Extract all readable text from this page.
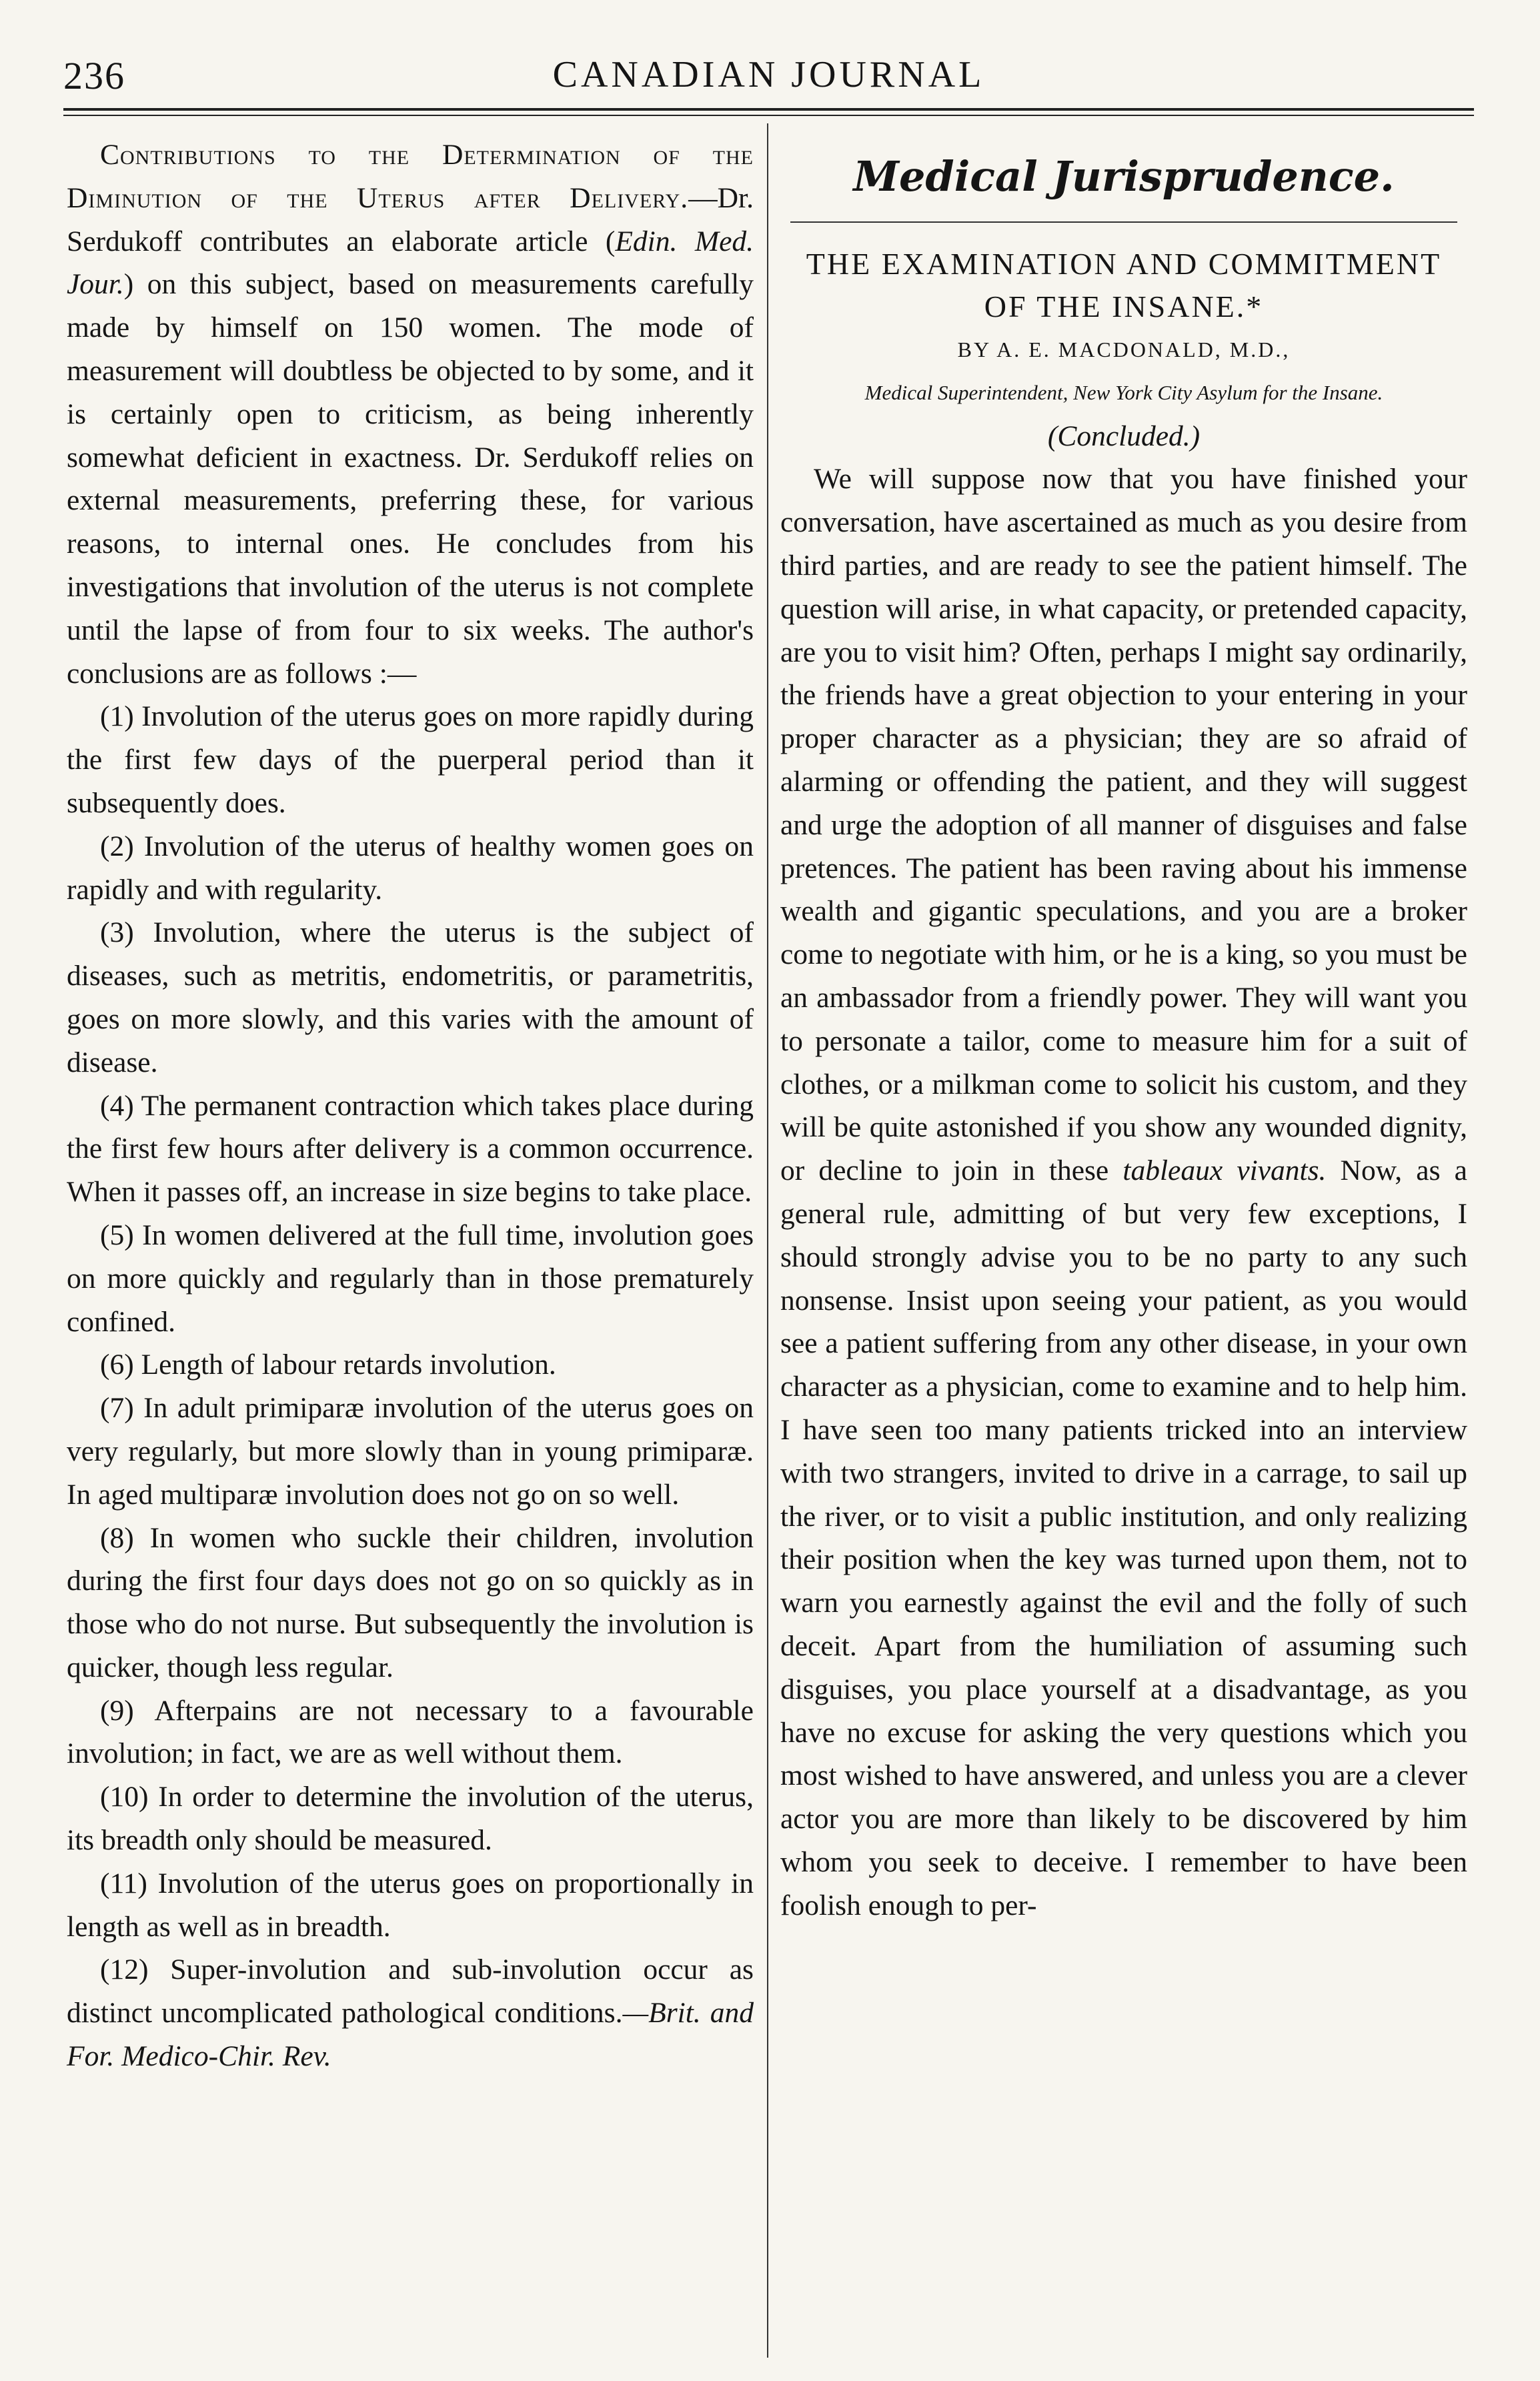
236	CANADIAN JOURNAL

Contributions to the Determination of the Diminution of the Uterus after Delivery.—Dr. Serdukoff contributes an elaborate article (Edin. Med. Jour.) on this subject, based on measurements carefully made by himself on 150 women. The mode of measurement will doubtless be objected to by some, and it is certainly open to criticism, as being inherently somewhat deficient in exactness. Dr. Serdukoff relies on external measurements, preferring these, for various reasons, to internal ones. He concludes from his investigations that involution of the uterus is not complete until the lapse of from four to six weeks. The author's conclusions are as follows :—

(1) Involution of the uterus goes on more rapidly during the first few days of the puerperal period than it subsequently does.

(2) Involution of the uterus of healthy women goes on rapidly and with regularity.

(3) Involution, where the uterus is the subject of diseases, such as metritis, endometritis, or parametritis, goes on more slowly, and this varies with the amount of disease.

(4) The permanent contraction which takes place during the first few hours after delivery is a common occurrence. When it passes off, an increase in size begins to take place.

(5) In women delivered at the full time, involution goes on more quickly and regularly than in those prematurely confined.

(6) Length of labour retards involution.

(7) In adult primiparæ involution of the uterus goes on very regularly, but more slowly than in young primiparæ. In aged multiparæ involution does not go on so well.

(8) In women who suckle their children, involution during the first four days does not go on so quickly as in those who do not nurse. But subsequently the involution is quicker, though less regular.

(9) Afterpains are not necessary to a favourable involution; in fact, we are as well without them.

(10) In order to determine the involution of the uterus, its breadth only should be measured.

(11) Involution of the uterus goes on proportionally in length as well as in breadth.

(12) Super-involution and sub-involution occur as distinct uncomplicated pathological conditions.—Brit. and For. Medico-Chir. Rev.

Medical Jurisprudence.

THE EXAMINATION AND COMMITMENT OF THE INSANE.*

BY A. E. MACDONALD, M.D.,

Medical Superintendent, New York City Asylum for the Insane.

(Concluded.)

We will suppose now that you have finished your conversation, have ascertained as much as you desire from third parties, and are ready to see the patient himself. The question will arise, in what capacity, or pretended capacity, are you to visit him? Often, perhaps I might say ordinarily, the friends have a great objection to your entering in your proper character as a physician; they are so afraid of alarming or offending the patient, and they will suggest and urge the adoption of all manner of disguises and false pretences. The patient has been raving about his immense wealth and gigantic speculations, and you are a broker come to negotiate with him, or he is a king, so you must be an ambassador from a friendly power. They will want you to personate a tailor, come to measure him for a suit of clothes, or a milkman come to solicit his custom, and they will be quite astonished if you show any wounded dignity, or decline to join in these tableaux vivants. Now, as a general rule, admitting of but very few exceptions, I should strongly advise you to be no party to any such nonsense. Insist upon seeing your patient, as you would see a patient suffering from any other disease, in your own character as a physician, come to examine and to help him. I have seen too many patients tricked into an interview with two strangers, invited to drive in a carrage, to sail up the river, or to visit a public institution, and only realizing their position when the key was turned upon them, not to warn you earnestly against the evil and the folly of such deceit. Apart from the humiliation of assuming such disguises, you place yourself at a disadvantage, as you have no excuse for asking the very questions which you most wished to have answered, and unless you are a clever actor you are more than likely to be discovered by him whom you seek to deceive. I remember to have been foolish enough to per-
